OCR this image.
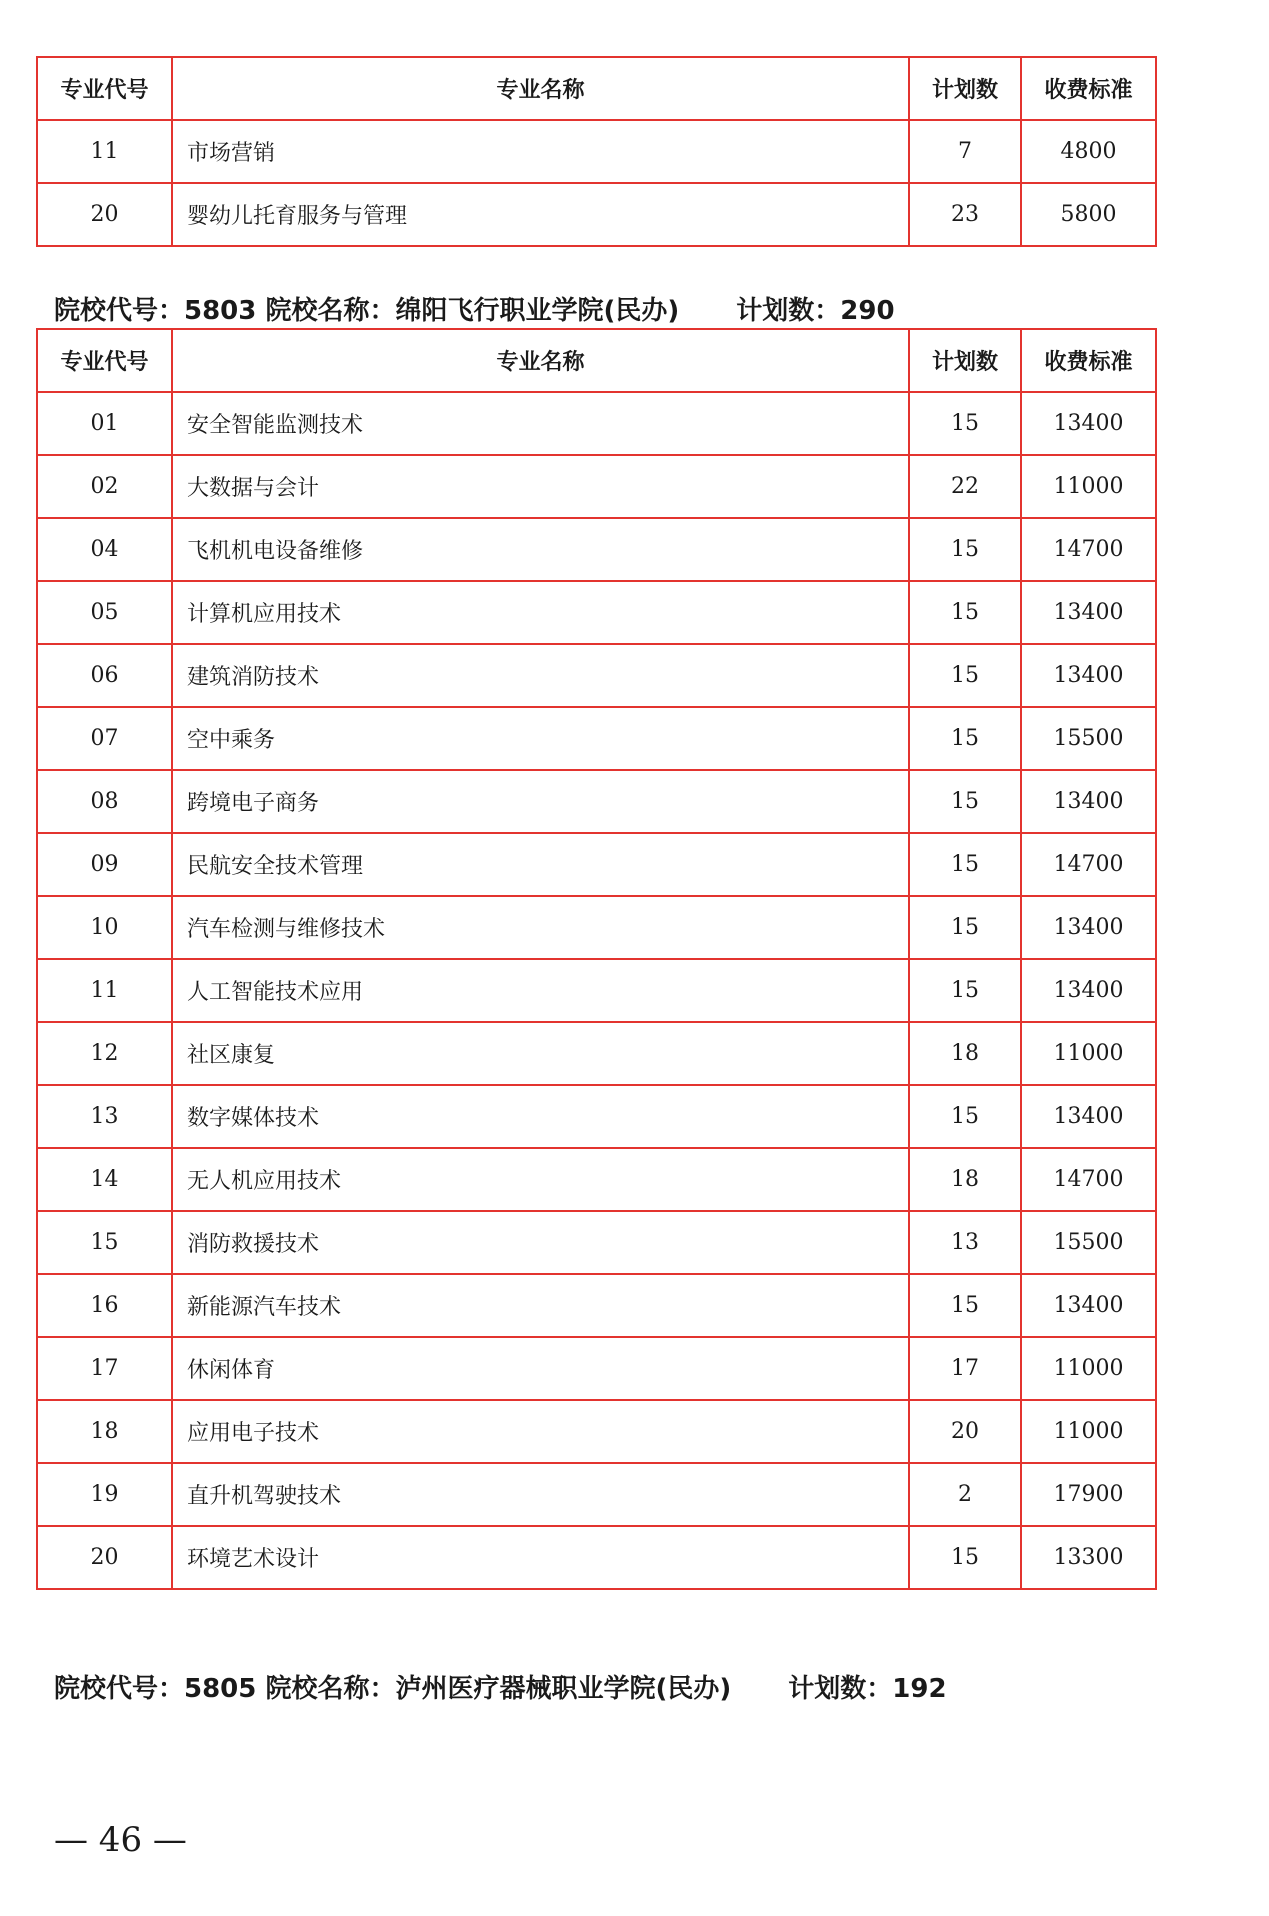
专业代号	专业名称	计划数	收费标准
11	市场营销	7	4800
20	婴幼儿托育服务与管理	23	5800
院校代号：5803 院校名称：绵阳飞行职业学院(民办) 计划数：290
专业代号	专业名称	计划数	收费标准
01	安全智能监测技术	15	13400
02	大数据与会计	22	11000
04	飞机机电设备维修	15	14700
05	计算机应用技术	15	13400
06	建筑消防技术	15	13400
07	空中乘务	15	15500
08	跨境电子商务	15	13400
09	民航安全技术管理	15	14700
10	汽车检测与维修技术	15	13400
11	人工智能技术应用	15	13400
12	社区康复	18	11000
13	数字媒体技术	15	13400
14	无人机应用技术	18	14700
15	消防救援技术	13	15500
16	新能源汽车技术	15	13400
17	休闲体育	17	11000
18	应用电子技术	20	11000
19	直升机驾驶技术	2	17900
20	环境艺术设计	15	13300
院校代号：5805 院校名称：泸州医疗器械职业学院(民办) 计划数：192
— 46 —
